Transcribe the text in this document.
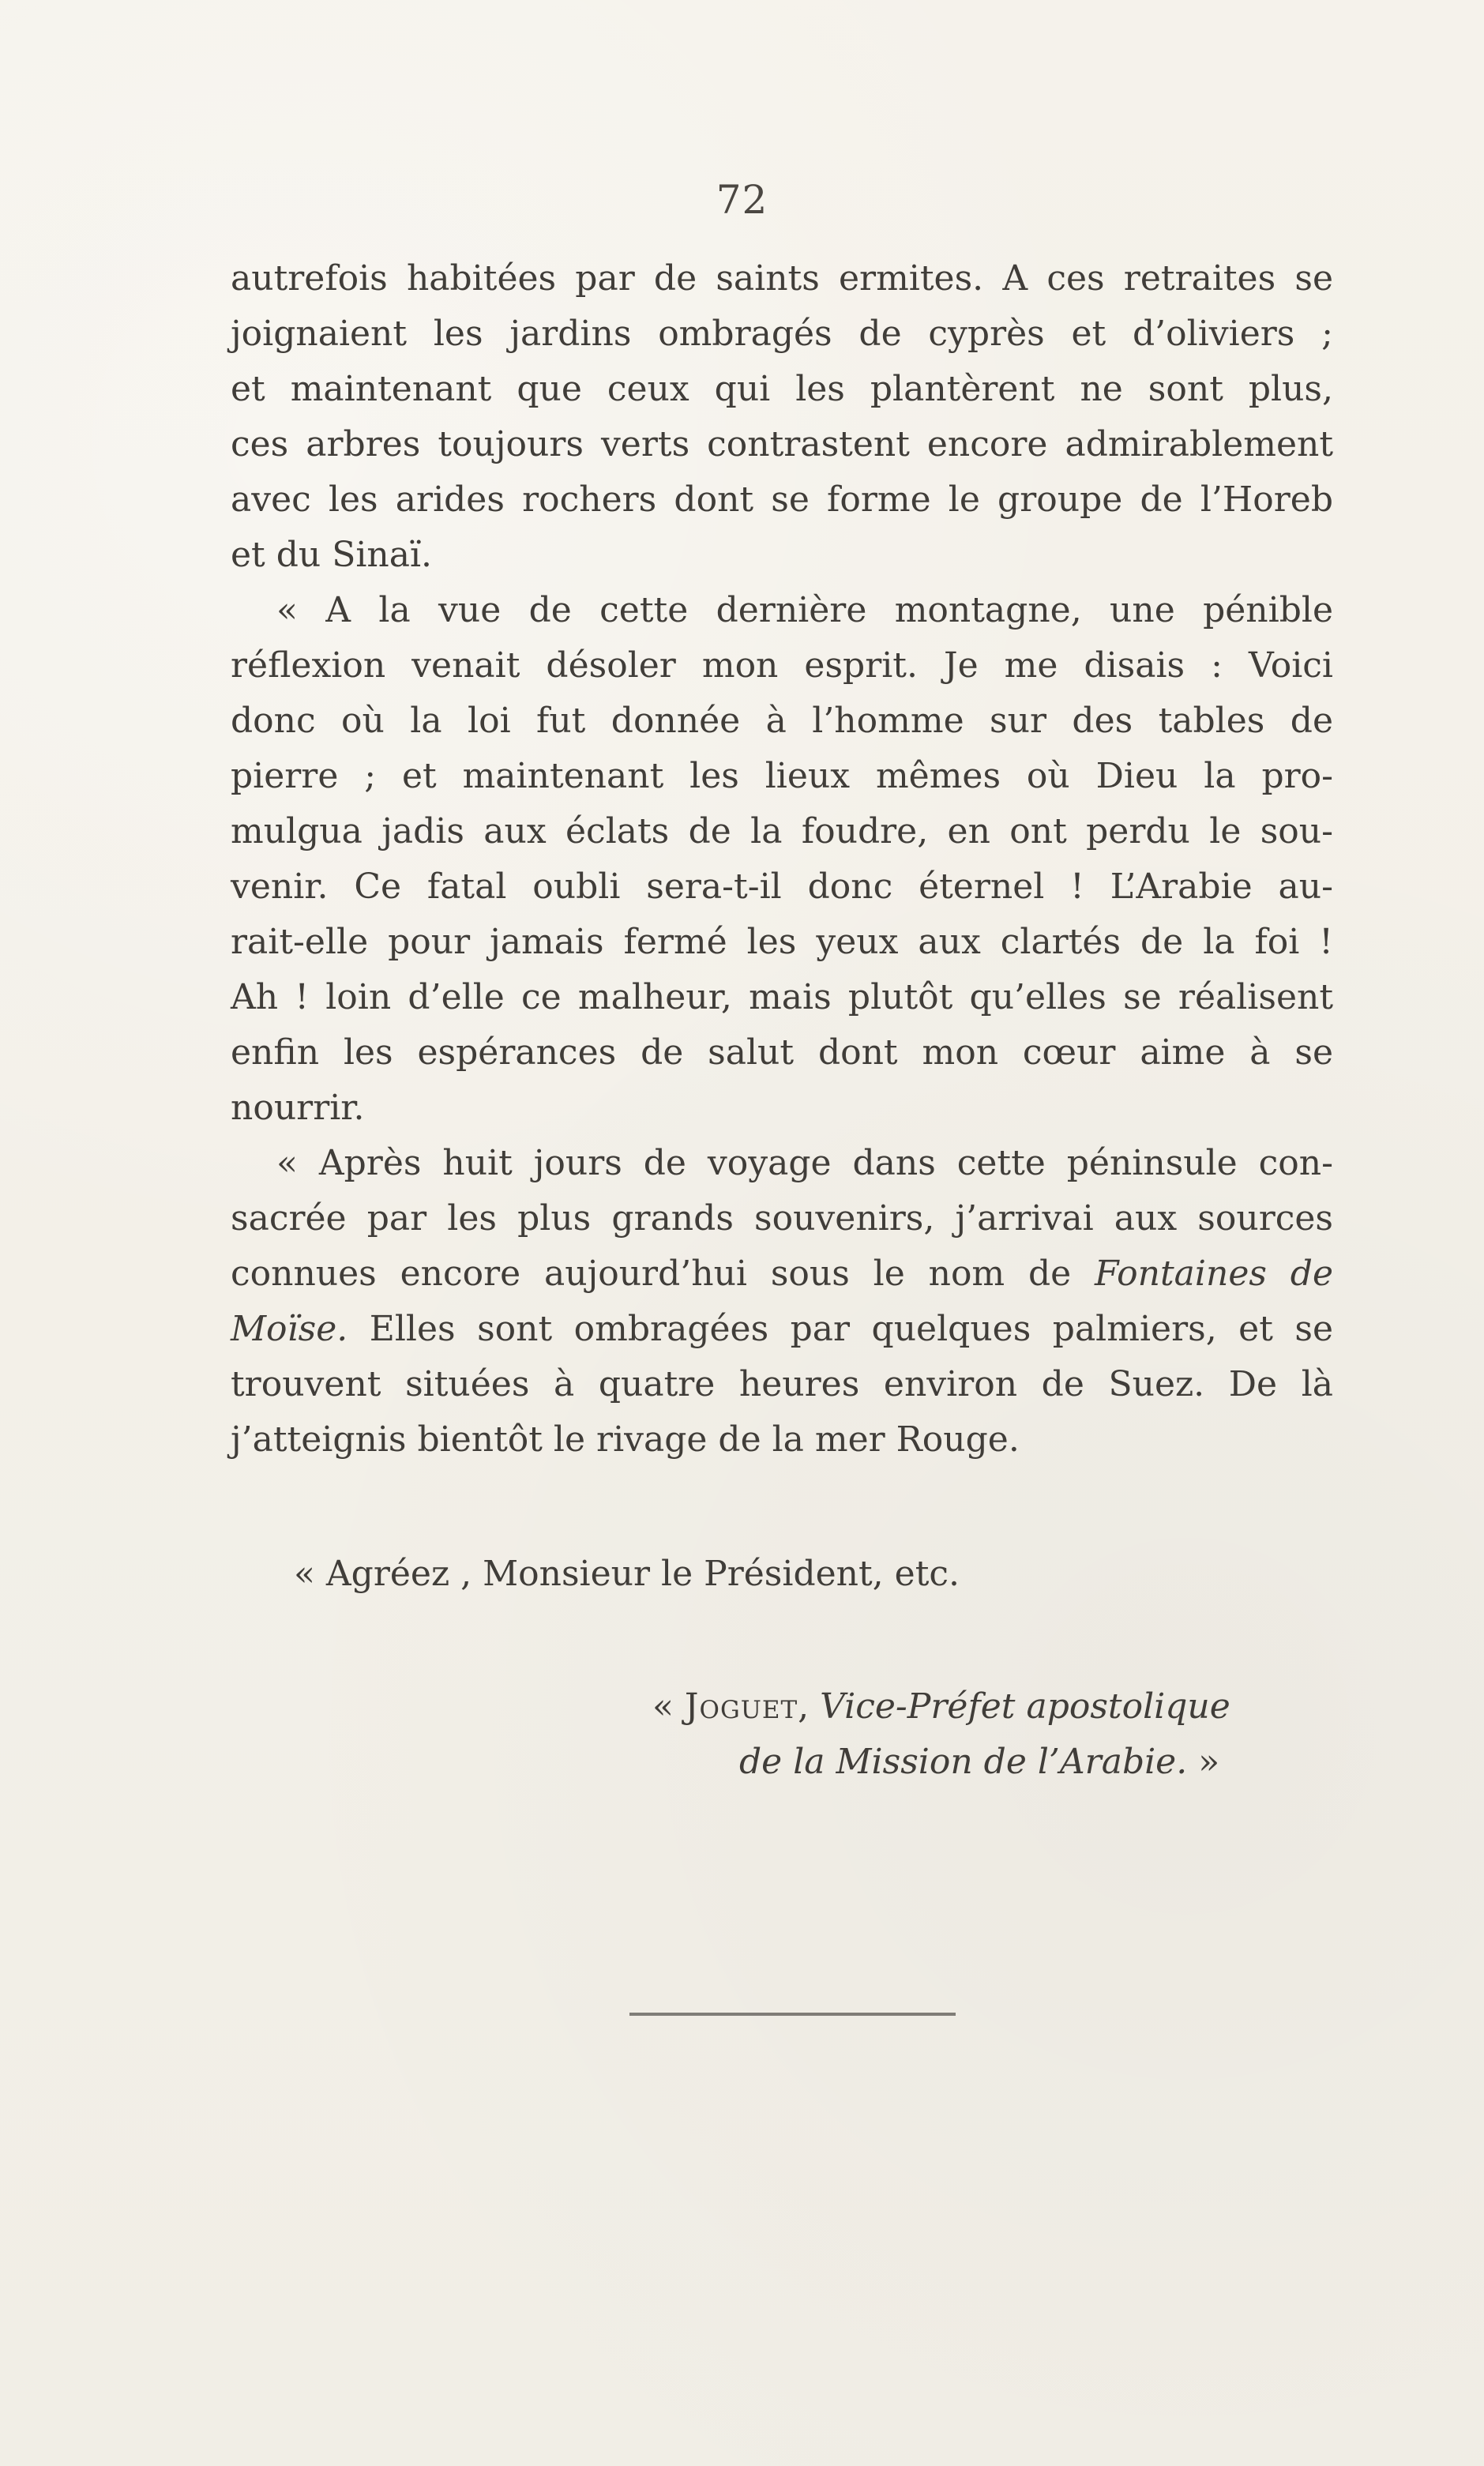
72
autrefois habitées par de saints ermites. A ces retraites se
joignaient les jardins ombragés de cyprès et d’oliviers ;
et maintenant que ceux qui les plantèrent ne sont plus,
ces arbres toujours verts contrastent encore admirablement
avec les arides rochers dont se forme le groupe de l’Horeb
et du Sinaï.
« A la vue de cette dernière montagne, une pénible
réflexion venait désoler mon esprit. Je me disais : Voici
donc où la loi fut donnée à l’homme sur des tables de
pierre ; et maintenant les lieux mêmes où Dieu la pro-
mulgua jadis aux éclats de la foudre, en ont perdu le sou-
venir. Ce fatal oubli sera-t-il donc éternel ! L’Arabie au-
rait-elle pour jamais fermé les yeux aux clartés de la foi !
Ah ! loin d’elle ce malheur, mais plutôt qu’elles se réalisent
enfin les espérances de salut dont mon cœur aime à se
nourrir.
« Après huit jours de voyage dans cette péninsule con-
sacrée par les plus grands souvenirs, j’arrivai aux sources
connues encore aujourd’hui sous le nom de Fontaines de
Moïse. Elles sont ombragées par quelques palmiers, et se
trouvent situées à quatre heures environ de Suez. De là
j’atteignis bientôt le rivage de la mer Rouge.
« Agréez , Monsieur le Président, etc.
« Joguet, Vice-Préfet apostolique
de la Mission de l’Arabie. »
